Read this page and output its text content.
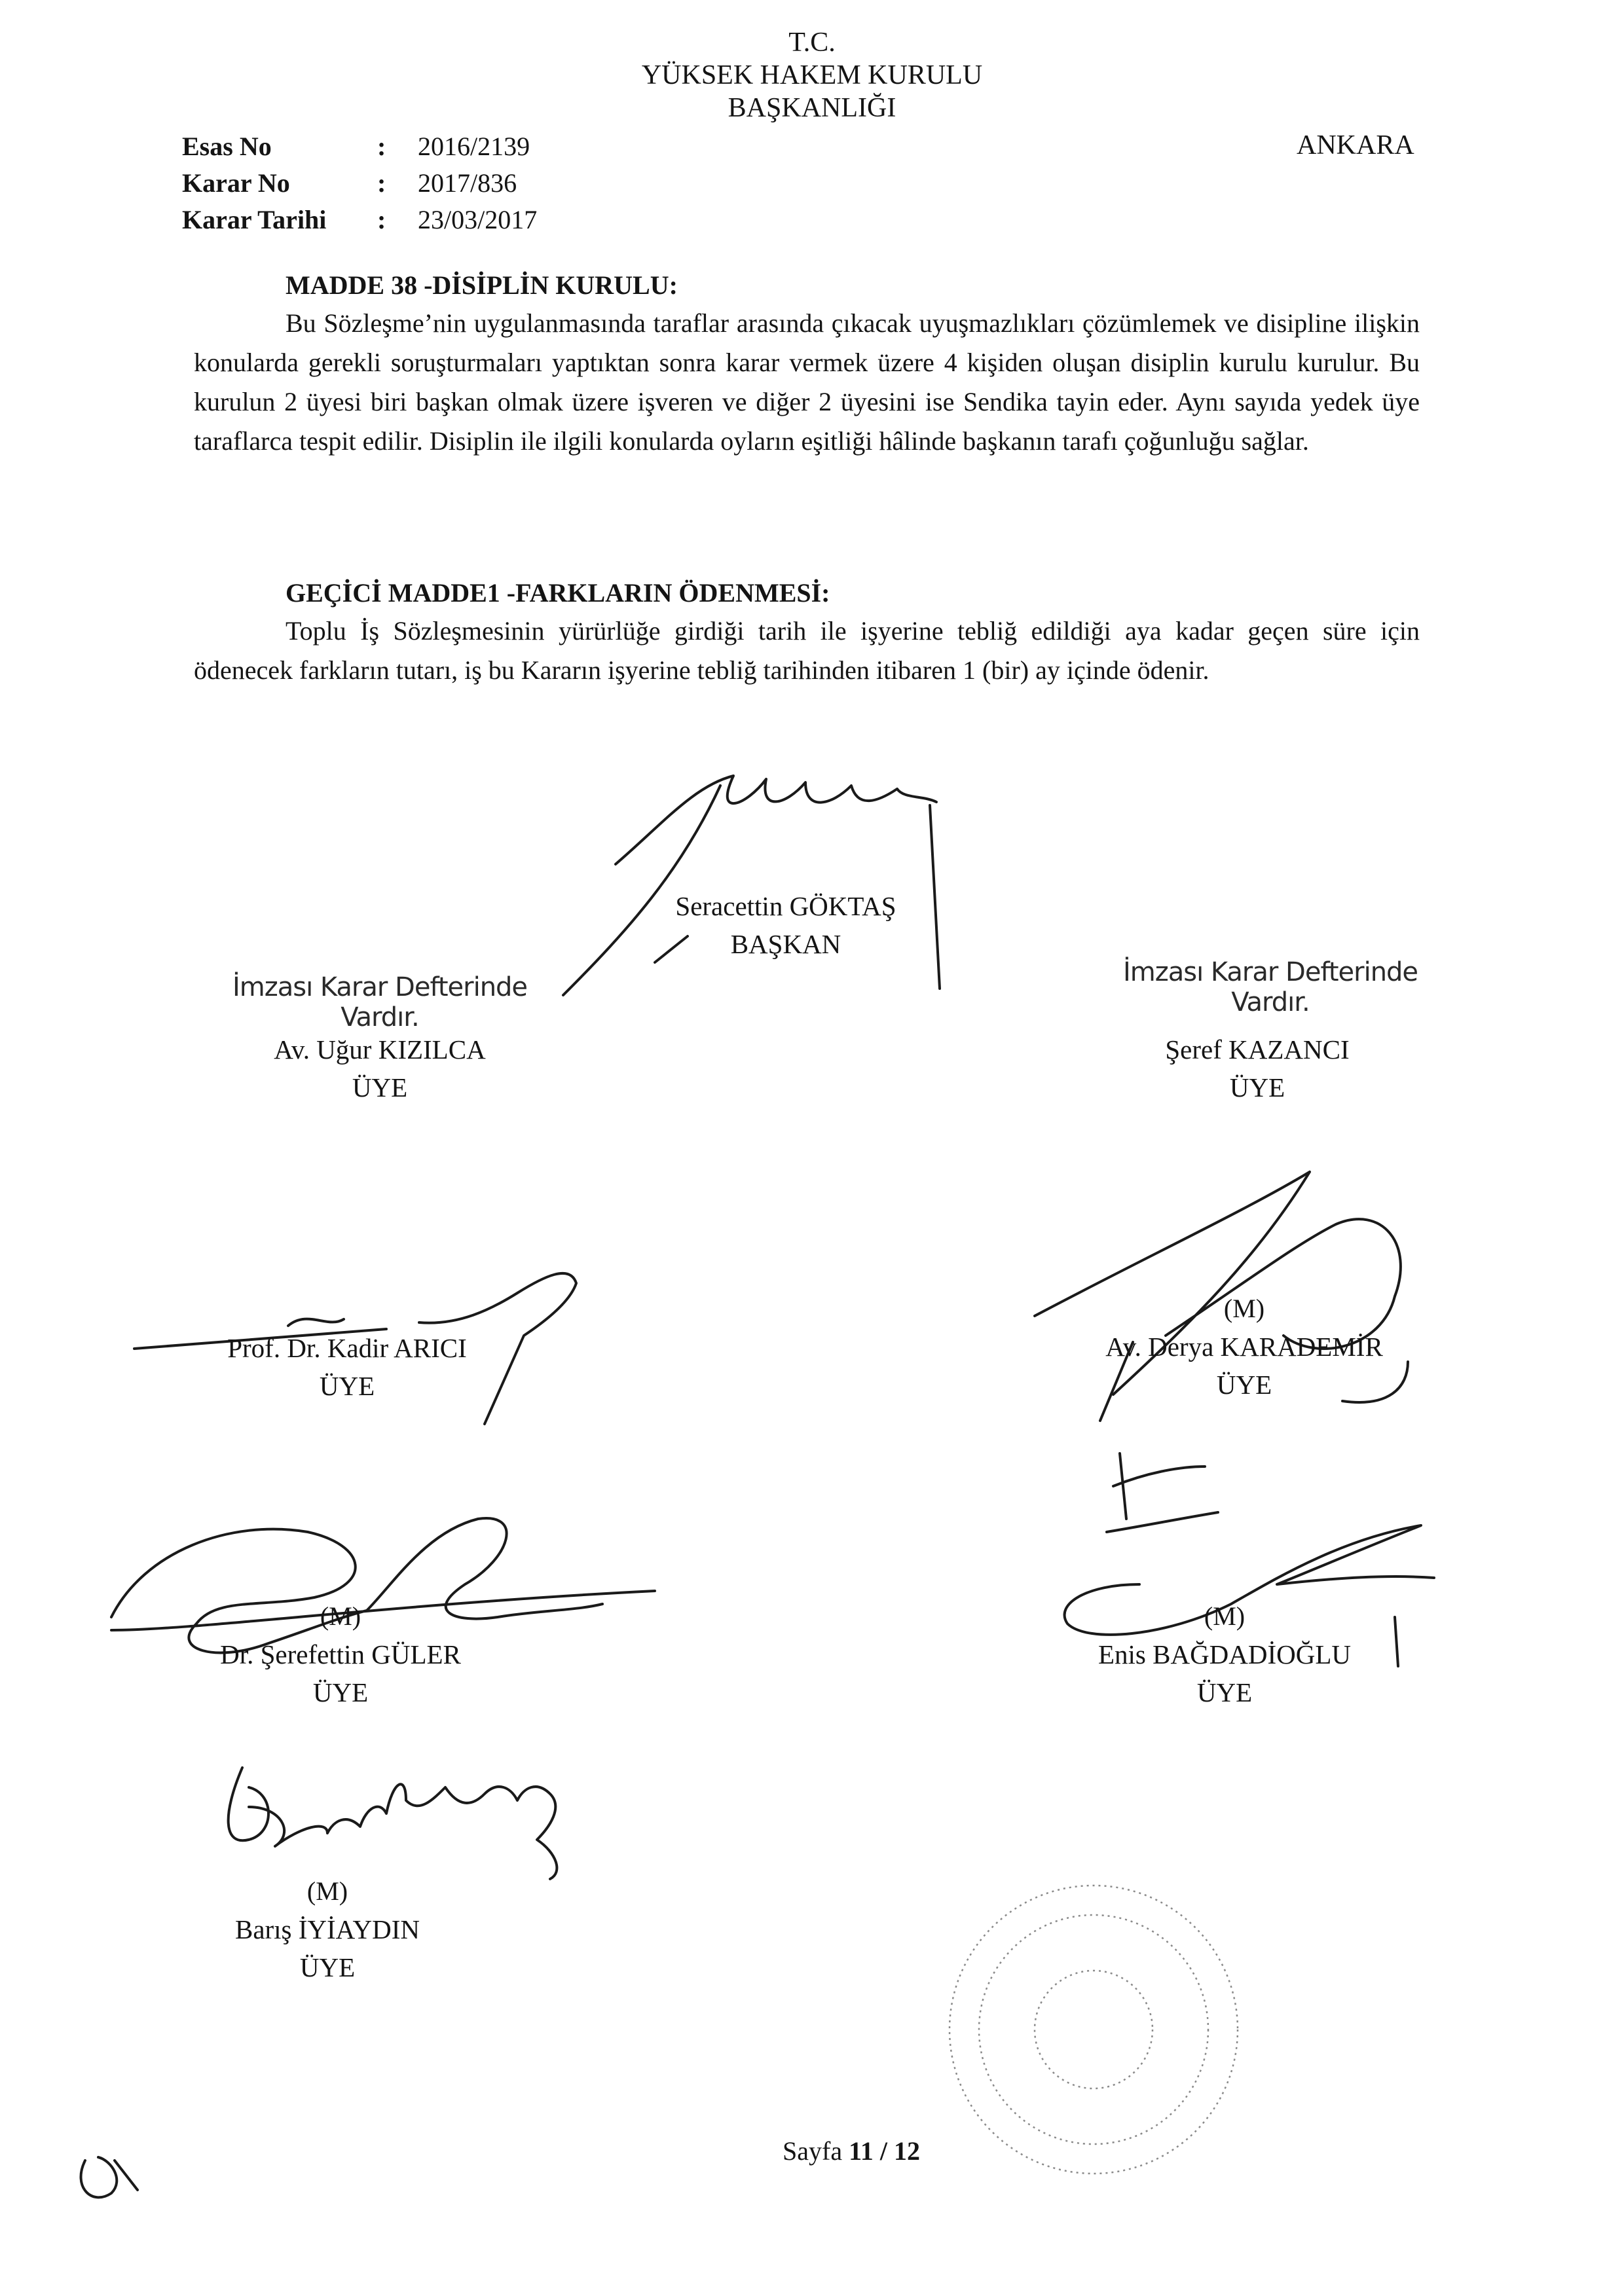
T.C.
YÜKSEK HAKEM KURULU
BAŞKANLIĞI
ANKARA
Esas No	:	2016/2139
Karar No	:	2017/836
Karar Tarihi	:	23/03/2017
MADDE 38 -DİSİPLİN KURULU:

Bu Sözleşme’nin uygulanmasında taraflar arasında çıkacak uyuşmazlıkları çözümlemek ve disipline ilişkin konularda gerekli soruşturmaları yaptıktan sonra karar vermek üzere 4 kişiden oluşan disiplin kurulu kurulur. Bu kurulun 2 üyesi biri başkan olmak üzere işveren ve diğer 2 üyesini ise Sendika tayin eder. Aynı sayıda yedek üye taraflarca tespit edilir. Disiplin ile ilgili konularda oyların eşitliği hâlinde başkanın tarafı çoğunluğu sağlar.

GEÇİCİ MADDE1 -FARKLARIN ÖDENMESİ:

Toplu İş Sözleşmesinin yürürlüğe girdiği tarih ile işyerine tebliğ edildiği aya kadar geçen süre için ödenecek farkların tutarı, iş bu Kararın işyerine tebliğ tarihinden itibaren 1 (bir) ay içinde ödenir.

Seracettin GÖKTAŞ
BAŞKAN
İmzası Karar Defterinde Vardır.
Av. Uğur KIZILCA
ÜYE
İmzası Karar Defterinde Vardır.
Şeref KAZANCI
ÜYE
Prof. Dr. Kadir ARICI
ÜYE
(M)
Av. Derya KARADEMİR
ÜYE
(M)
Dr. Şerefettin GÜLER
ÜYE
(M)
Enis BAĞDADİOĞLU
ÜYE
(M)
Barış İYİAYDIN
ÜYE
Sayfa 11 / 12
